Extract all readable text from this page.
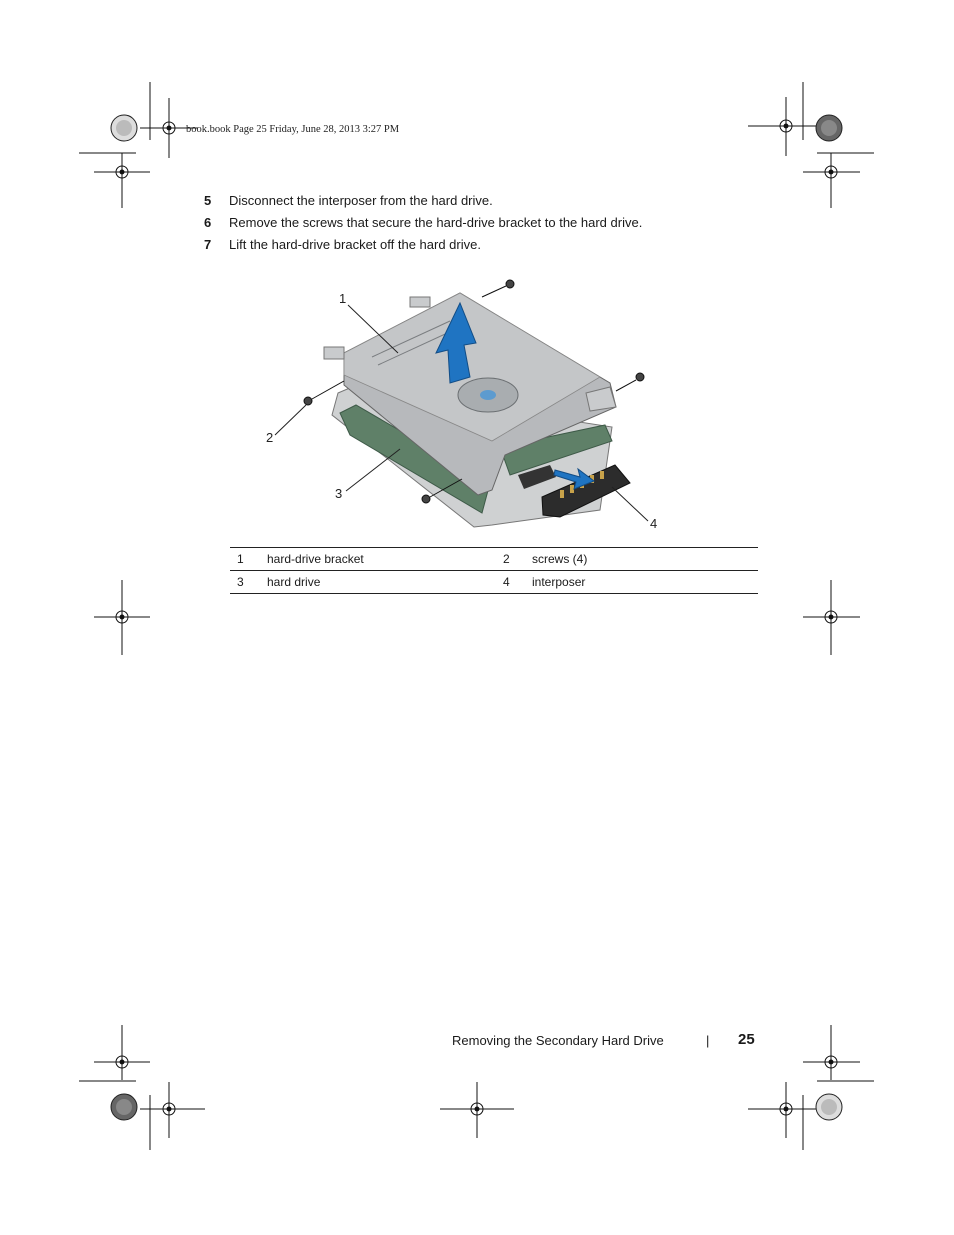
book.book Page 25 Friday, June 28, 2013 3:27 PM
5 Disconnect the interposer from the hard drive.
6 Remove the screws that secure the hard-drive bracket to the hard drive.
7 Lift the hard-drive bracket off the hard drive.
1
2
3
4
1	hard-drive bracket	2	screws (4)
3	hard drive	4	interposer
Removing the Secondary Hard Drive	| 25
